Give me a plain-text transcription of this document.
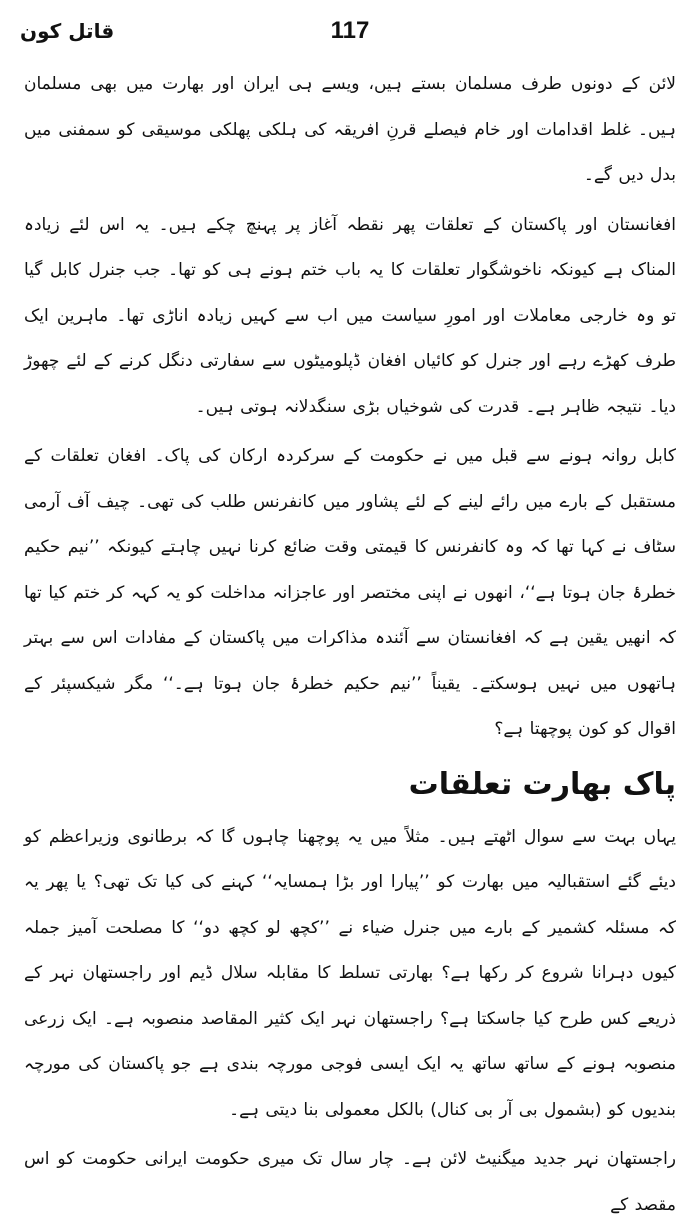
117
قاتل کون

لائن کے دونوں طرف مسلمان بستے ہیں، ویسے ہی ایران اور بھارت میں بھی مسلمان ہیں۔ غلط اقدامات اور خام فیصلے قرنِ افریقہ کی ہلکی پھلکی موسیقی کو سمفنی میں بدل دیں گے۔

افغانستان اور پاکستان کے تعلقات پھر نقطہ آغاز پر پہنچ چکے ہیں۔ یہ اس لئے زیادہ المناک ہے کیونکہ ناخوشگوار تعلقات کا یہ باب ختم ہونے ہی کو تھا۔ جب جنرل کابل گیا تو وہ خارجی معاملات اور امورِ سیاست میں اب سے کہیں زیادہ اناڑی تھا۔ ماہرین ایک طرف کھڑے رہے اور جنرل کو کائیاں افغان ڈپلومیٹوں سے سفارتی دنگل کرنے کے لئے چھوڑ دیا۔ نتیجہ ظاہر ہے۔ قدرت کی شوخیاں بڑی سنگدلانہ ہوتی ہیں۔

کابل روانہ ہونے سے قبل میں نے حکومت کے سرکردہ ارکان کی پاک۔ افغان تعلقات کے مستقبل کے بارے میں رائے لینے کے لئے پشاور میں کانفرنس طلب کی تھی۔ چیف آف آرمی سٹاف نے کہا تھا کہ وہ کانفرنس کا قیمتی وقت ضائع کرنا نہیں چاہتے کیونکہ ’’نیم حکیم خطرۂ جان ہوتا ہے‘‘، انھوں نے اپنی مختصر اور عاجزانہ مداخلت کو یہ کہہ کر ختم کیا تھا کہ انھیں یقین ہے کہ افغانستان سے آئندہ مذاکرات میں پاکستان کے مفادات اس سے بہتر ہاتھوں میں نہیں ہوسکتے۔ یقیناً ’’نیم حکیم خطرۂ جان ہوتا ہے۔‘‘ مگر شیکسپئر کے اقوال کو کون پوچھتا ہے؟

پاک بھارت تعلقات

یہاں بہت سے سوال اٹھتے ہیں۔ مثلاً میں یہ پوچھنا چاہوں گا کہ برطانوی وزیراعظم کو دیئے گئے استقبالیہ میں بھارت کو ’’پیارا اور بڑا ہمسایہ‘‘ کہنے کی کیا تک تھی؟ یا پھر یہ کہ مسئلہ کشمیر کے بارے میں جنرل ضیاء نے ’’کچھ لو کچھ دو‘‘ کا مصلحت آمیز جملہ کیوں دہرانا شروع کر رکھا ہے؟ بھارتی تسلط کا مقابلہ سلال ڈیم اور راجستھان نہر کے ذریعے کس طرح کیا جاسکتا ہے؟ راجستھان نہر ایک کثیر المقاصد منصوبہ ہے۔ ایک زرعی منصوبہ ہونے کے ساتھ ساتھ یہ ایک ایسی فوجی مورچہ بندی ہے جو پاکستان کی مورچہ بندیوں کو (بشمول بی آر بی کنال) بالکل معمولی بنا دیتی ہے۔

راجستھان نہر جدید میگنیٹ لائن ہے۔ چار سال تک میری حکومت ایرانی حکومت کو اس مقصد کے
